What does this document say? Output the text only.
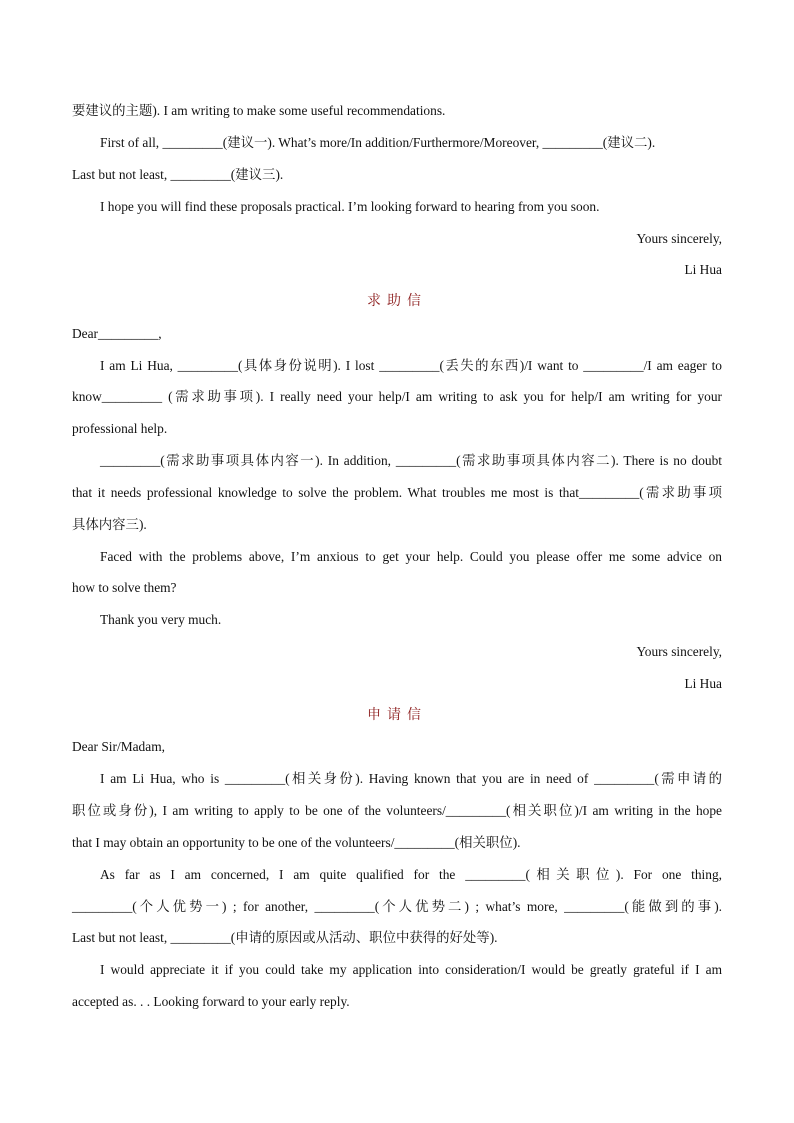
要建议的主题). I am writing to make some useful recommendations.
First of all, _________(建议一). What’s more/In addition/Furthermore/Moreover, _________(建议二).
Last but not least, _________(建议三).
I hope you will find these proposals practical. I’m looking forward to hearing from you soon.
Yours sincerely,
Li Hua
求助信
Dear_________,
I am Li Hua, _________(具体身份说明). I lost _________(丢失的东西)/I want to _________/I am eager to
know_________ (需求助事项). I really need your help/I am writing to ask you for help/I am writing for your
professional help.
_________(需求助事项具体内容一). In addition, _________(需求助事项具体内容二). There is no doubt
that it needs professional knowledge to solve the problem. What troubles me most is that_________(需求助事项
具体内容三).
Faced with the problems above, I’m anxious to get your help. Could you please offer me some advice on
how to solve them?
Thank you very much.
Yours sincerely,
Li Hua
申请信
Dear Sir/Madam,
I am Li Hua, who is _________(相关身份). Having known that you are in need of _________(需申请的
职位或身份), I am writing to apply to be one of the volunteers/_________(相关职位)/I am writing in the hope
that I may obtain an opportunity to be one of the volunteers/_________(相关职位).
As far as I am concerned, I am quite qualified for the _________(相关职位). For one thing,
_________(个人优势一) ; for another, _________(个人优势二) ; what’s more, _________(能做到的事).
Last but not least, _________(申请的原因或从活动、职位中获得的好处等).
I would appreciate it if you could take my application into consideration/I would be greatly grateful if I am
accepted as. . . Looking forward to your early reply.
